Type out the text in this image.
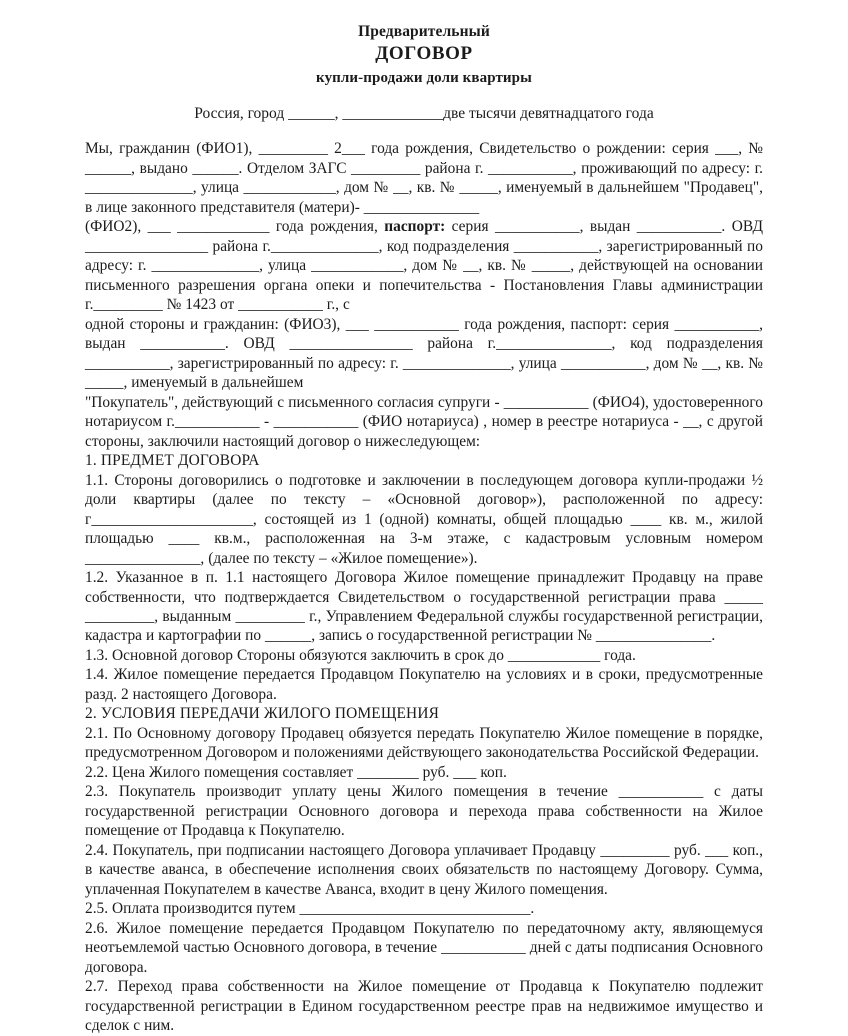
Предварительный
ДОГОВОР
купли-продажи доли квартиры
Россия, город ______, _____________две тысячи девятнадцатого года

Мы, гражданин (ФИО1), _________ 2___ года рождения, Свидетельство о рождении: серия ___, № ______, выдано ______. Отделом ЗАГС _________ района г. ___________, проживающий по адресу: г. ______________, улица ____________, дом № __, кв. № _____, именуемый в дальнейшем "Продавец", в лице законного представителя (матери)- _______________

(ФИО2), ___ ____________ года рождения, паспорт: серия ___________, выдан ___________. ОВД ________________ района г.______________, код подразделения ___________, зарегистрированный по адресу: г. ______________, улица ____________, дом № __, кв. № _____, действующей на основании письменного разрешения органа опеки и попечительства - Постановления Главы администрации г._________ № 1423 от ___________ г., с

одной стороны и гражданин: (ФИО3), ___ ___________ года рождения, паспорт: серия ___________, выдан ___________. ОВД ________________ района г._______________, код подразделения ___________, зарегистрированный по адресу: г. ______________, улица ___________, дом № __, кв. № _____, именуемый в дальнейшем

"Покупатель", действующий с письменного согласия супруги - ___________ (ФИО4), удостоверенного нотариусом г.___________ - ___________ (ФИО нотариуса) , номер в реестре нотариуса - __, с другой стороны, заключили настоящий договор о нижеследующем:

1. ПРЕДМЕТ ДОГОВОРА

1.1. Стороны договорились о подготовке и заключении в последующем договора купли-продажи ½ доли квартиры (далее по тексту – «Основной договор»), расположенной по адресу: г_____________________, состоящей из 1 (одной) комнаты, общей площадью ____ кв. м., жилой площадью ____ кв.м., расположенная на 3-м этаже, с кадастровым условным номером _______________, (далее по тексту – «Жилое помещение»).

1.2. Указанное в п. 1.1 настоящего Договора Жилое помещение принадлежит Продавцу на праве собственности, что подтверждается Свидетельством о государственной регистрации права _____ _________, выданным _________ г., Управлением Федеральной службы государственной регистрации, кадастра и картографии по ______, запись о государственной регистрации № _______________.

1.3. Основной договор Стороны обязуются заключить в срок до ____________ года.

1.4. Жилое помещение передается Продавцом Покупателю на условиях и в сроки, предусмотренные разд. 2 настоящего Договора.

2. УСЛОВИЯ ПЕРЕДАЧИ ЖИЛОГО ПОМЕЩЕНИЯ

2.1. По Основному договору Продавец обязуется передать Покупателю Жилое помещение в порядке, предусмотренном Договором и положениями действующего законодательства Российской Федерации.

2.2. Цена Жилого помещения составляет ________ руб. ___ коп.

2.3. Покупатель производит уплату цены Жилого помещения в течение ___________ с даты государственной регистрации Основного договора и перехода права собственности на Жилое помещение от Продавца к Покупателю.

2.4. Покупатель, при подписании настоящего Договора уплачивает Продавцу _________ руб. ___ коп., в качестве аванса, в обеспечение исполнения своих обязательств по настоящему Договору. Сумма, уплаченная Покупателем в качестве Аванса, входит в цену Жилого помещения.

2.5. Оплата производится путем ______________________________.

2.6. Жилое помещение передается Продавцом Покупателю по передаточному акту, являющемуся неотъемлемой частью Основного договора, в течение ___________ дней с даты подписания Основного договора.

2.7. Переход права собственности на Жилое помещение от Продавца к Покупателю подлежит государственной регистрации в Едином государственном реестре прав на недвижимое имущество и сделок с ним.
